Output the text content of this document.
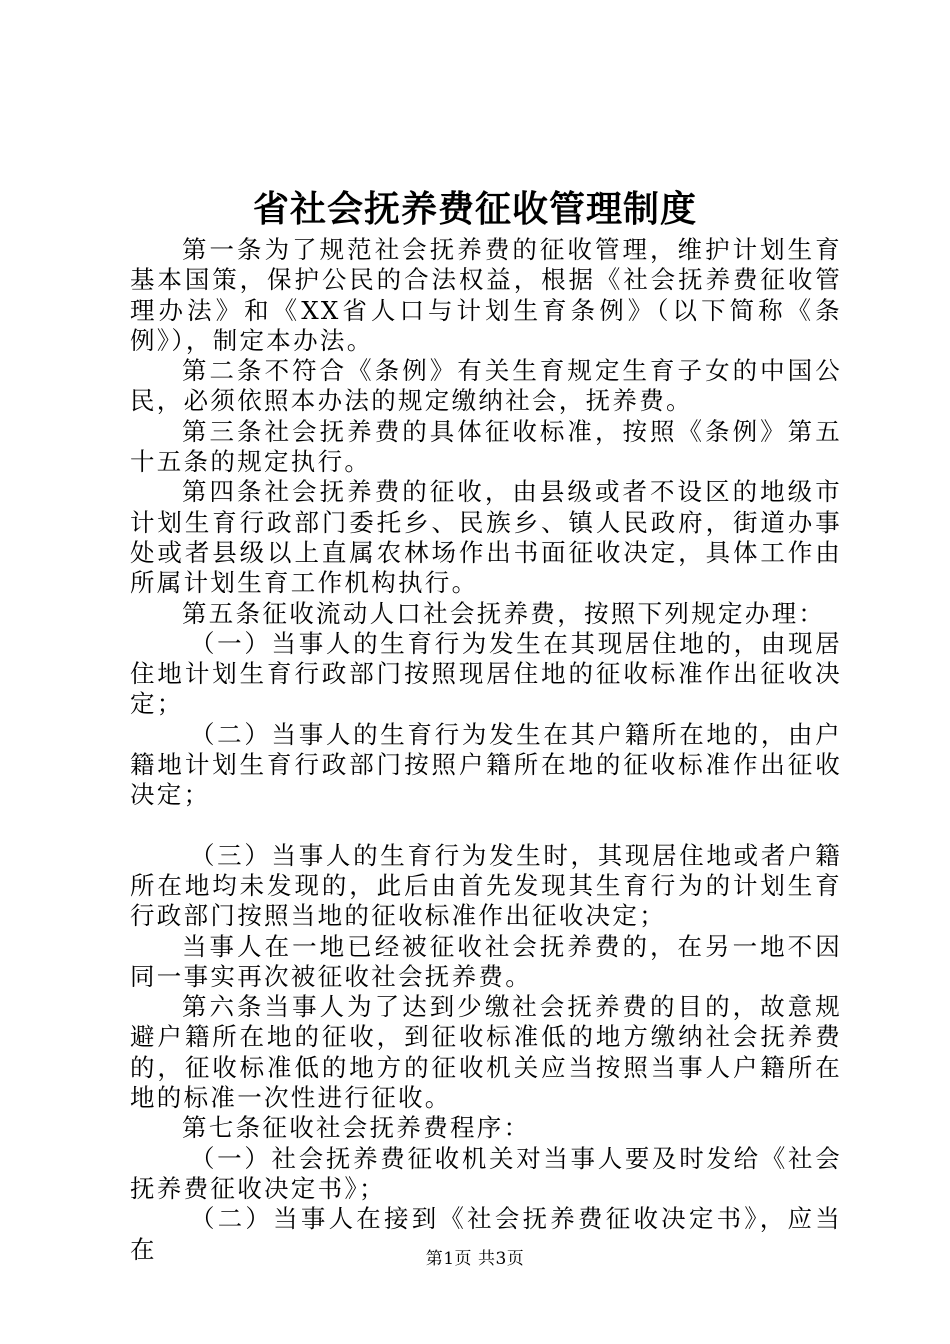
省社会抚养费征收管理制度

第一条为了规范社会抚养费的征收管理，维护计划生育基本国策，保护公民的合法权益，根据《社会抚养费征收管理办法》和《XX省人口与计划生育条例》（以下简称《条例》），制定本办法。

第二条不符合《条例》有关生育规定生育子女的中国公民，必须依照本办法的规定缴纳社会，抚养费。

第三条社会抚养费的具体征收标准，按照《条例》第五十五条的规定执行。

第四条社会抚养费的征收，由县级或者不设区的地级市计划生育行政部门委托乡、民族乡、镇人民政府，街道办事处或者县级以上直属农林场作出书面征收决定，具体工作由所属计划生育工作机构执行。

第五条征收流动人口社会抚养费，按照下列规定办理：

（一）当事人的生育行为发生在其现居住地的，由现居住地计划生育行政部门按照现居住地的征收标准作出征收决定；

（二）当事人的生育行为发生在其户籍所在地的，由户籍地计划生育行政部门按照户籍所在地的征收标准作出征收决定；

（三）当事人的生育行为发生时，其现居住地或者户籍所在地均未发现的，此后由首先发现其生育行为的计划生育行政部门按照当地的征收标准作出征收决定；

当事人在一地已经被征收社会抚养费的，在另一地不因同一事实再次被征收社会抚养费。

第六条当事人为了达到少缴社会抚养费的目的，故意规避户籍所在地的征收，到征收标准低的地方缴纳社会抚养费的，征收标准低的地方的征收机关应当按照当事人户籍所在地的标准一次性进行征收。

第七条征收社会抚养费程序：

（一）社会抚养费征收机关对当事人要及时发给《社会抚养费征收决定书》；

（二）当事人在接到《社会抚养费征收决定书》，应当在	第1页 共3页
